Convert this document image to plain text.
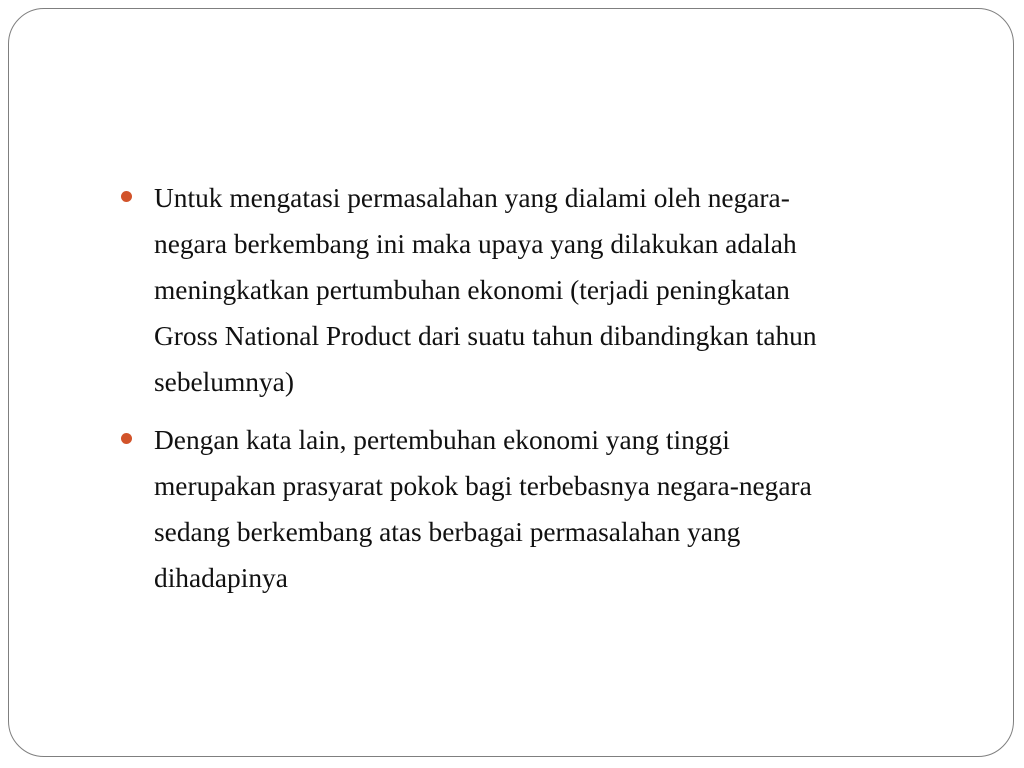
Untuk mengatasi permasalahan yang dialami oleh negara-
negara berkembang ini maka upaya yang dilakukan adalah
meningkatkan pertumbuhan ekonomi (terjadi peningkatan
Gross National Product dari suatu tahun dibandingkan tahun
sebelumnya)
Dengan kata lain, pertembuhan ekonomi yang tinggi
merupakan prasyarat pokok bagi terbebasnya negara-negara
sedang berkembang atas berbagai permasalahan yang
dihadapinya
